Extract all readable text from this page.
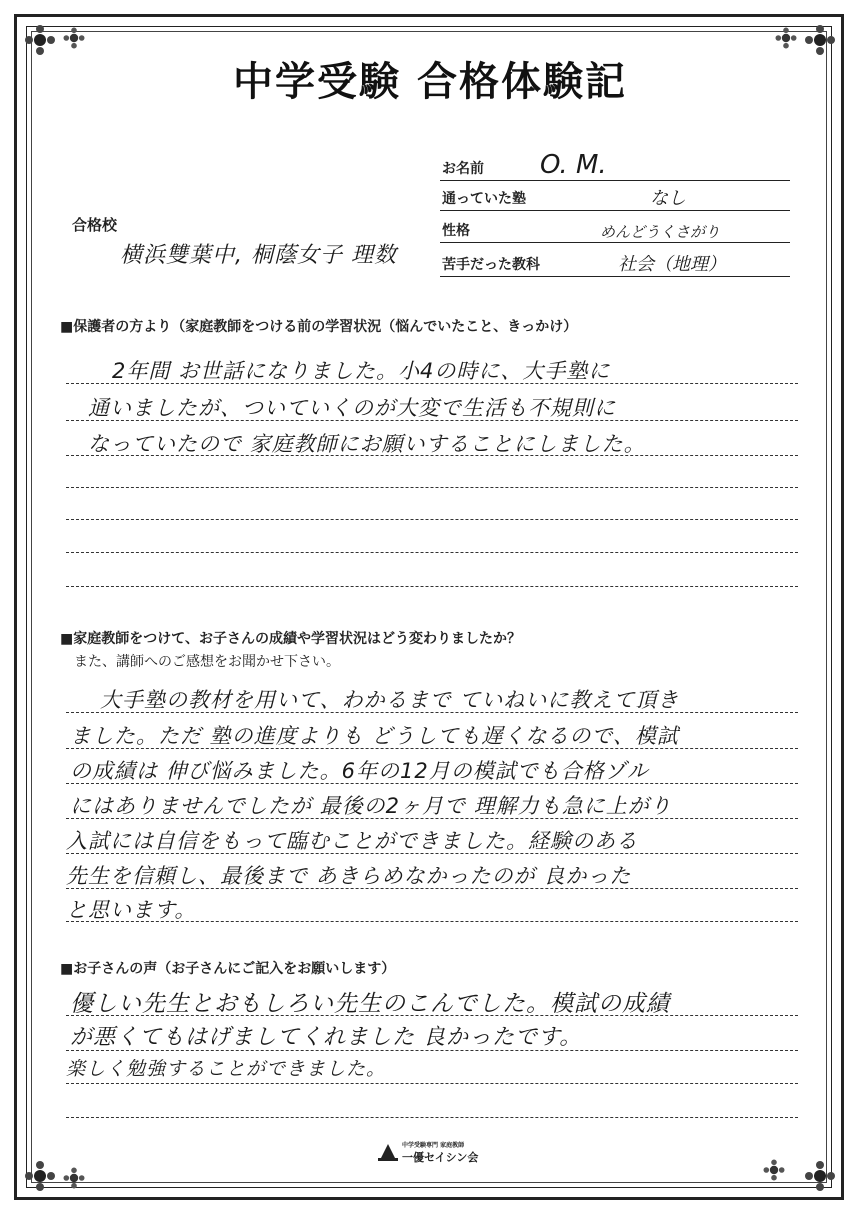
中学受験 合格体験記
お名前 O. M.
通っていた塾	なし
性格	めんどうくさがり
苦手だった教科	社会（地理）
合格校
横浜雙葉中, 桐蔭女子 理数
■保護者の方より（家庭教師をつける前の学習状況（悩んでいたこと、きっかけ）
2年間 お世話になりました。小4の時に、大手塾に
通いましたが、ついていくのが大変で生活も不規則に
なっていたので 家庭教師にお願いすることにしました。
■家庭教師をつけて、お子さんの成績や学習状況はどう変わりましたか？
　また、講師へのご感想をお聞かせ下さい。
大手塾の教材を用いて、わかるまで ていねいに教えて頂き
ました。ただ 塾の進度よりも どうしても遅くなるので、模試
の成績は 伸び悩みました。6年の12月の模試でも合格ゾル
にはありませんでしたが 最後の2ヶ月で 理解力も急に上がり
入試には自信をもって臨むことができました。経験のある
先生を信頼し、最後まで あきらめなかったのが 良かった
と思います。
■お子さんの声（お子さんにご記入をお願いします）
優しい先生とおもしろい先生のこんでした。模試の成績
が悪くてもはげましてくれました 良かったです。
楽しく勉強することができました。
中学受験専門 家庭教師
一優セイシン会
